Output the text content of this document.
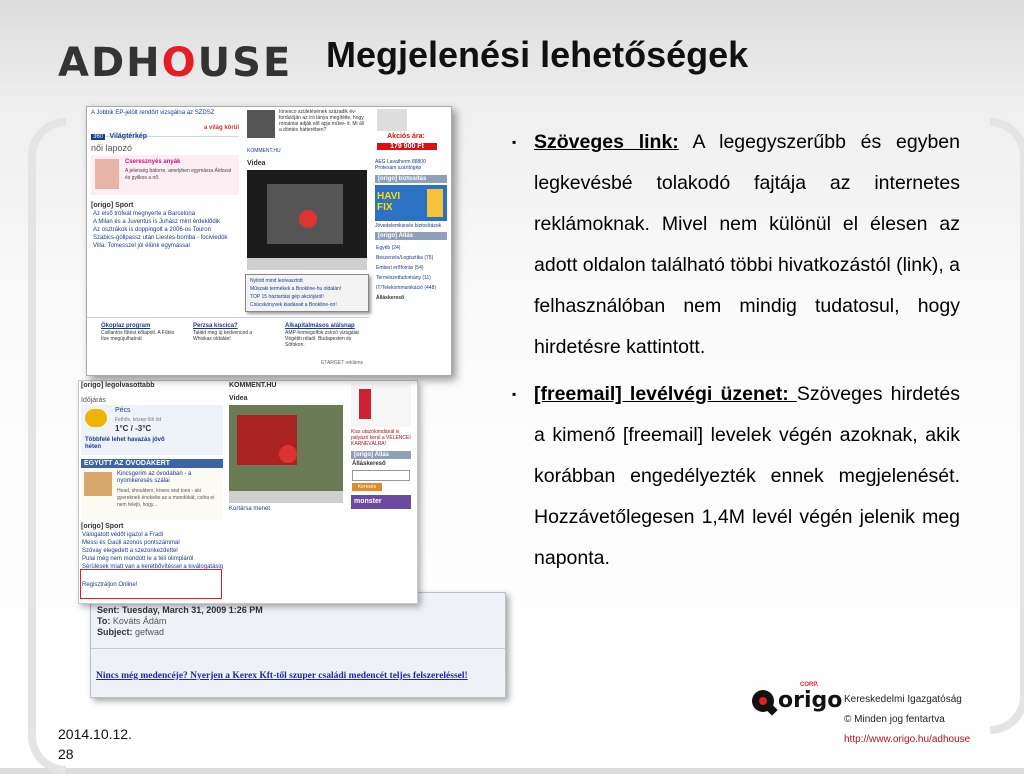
ADHOUSE Megjelenési lehetőségek
Sent: Tuesday, March 31, 2009 1:26 PM
To: Kováts Ádám
Subject: gefwad
Nincs még medencéje? Nyerjen a Kerex Kft-től szuper családi medencét teljes felszereléssel!
[origo] legolvasottabb
Időjárás
Pécs
Felhős, közep 6öl öd
1°C / -3°C
Többfelé lehet havazás jövő héten
EGYÜTT AZ ÓVODÁKERT
Kincsgerim az óvodában - a nyomkeresés szálai
Head, shoulders, knees and toes - aki gyereknek énekelte az a mondókát, csiha ei nem felejti, hogy...
[origo] Sport
Válogatott védőt igazol a Fradi
Messi és Gaúli azonos pontszámmal
Szövay elegedett a szezonkezdettel
Pulai még nem mondott le a téli olimpiáról
Sérülések miatt van a keretbővítéssel a kiválogatásig
Regisztráljon Online!
KOMMENT.HU
Videa
Kortársa menet
Kiss utazókirodánál is pályázó kerül a VELENCEI KARNEVÁLRA!
[origo] Állás
Álláskereső
Keresés
monster
A Jobbik EP-jelölt rendőrt vizsgálna az SZDSZ
360 Világtérkép
a világ körül
női lapozó
Cseresznyés anyák
A jelenség bátorre, amelyben egymásra Áldozat és gyilkos a nő.
[origo] Sport
Az első trófeát megnyerte a Barcelona
A Milan és a Juventus is Juhász mint érdeklődik
Az osztrákok is doppingolt a 2006-os Touron
Szabics-góllpassz után Liestes-bomba - fociviedók
Villa: Tomesszel jól élünk egymással
Ionesco születésének századik év- fordulóján az író lánya megítélte, hogy romániai adják elő apja műve- it. Mi áll a döntés hátterében?
KOMMENT.HU
Videa
Nyitott mind leolvasztott
Műszaki termékek a Bookline-hu oldalán!
TOP 15 háztartási gép akciójáról!
Csúcskönyvek kiadásait a Bookline-on!
Akciós ára:
179 900 Ft
AEG Lavatherm 88800 Protexam szárítógép
[origo] biztosítás
HAVI FIX
Jövedelemkiesés biztosítások
[origo] Állás
Egyéb (24)
Beszerzés/Logisztika (75)
Emberi erőforrás (54)
Természettudomány (11)
IT/Telekommunikáció (448)
Álláskereső
Ökoplaz program
Csillantós fűtést kőlapolt. A Fűtés tíze megújulhatnál
Perzsa kiscica?
Találd meg új kedvenced a Whiskas oldalán!
Alkapitalmásos alálsnap
AMP-homegolfok zsírzó vizsgálat Végétiti rélaól. Budapesten és Sófokon.
ETARGET rekláms

▪ Szöveges link: A legegyszerűbb és egyben legkevésbé tolakodó fajtája az internetes reklámoknak. Mivel nem különül el élesen az adott oldalon található többi hivatkozástól (link), a felhasználóban nem mindig tudatosul, hogy hirdetésre kattintott.

▪ [freemail] levélvégi üzenet: Szöveges hirdetés a kimenő [freemail] levelek végén azoknak, akik korábban engedélyezték ennek megjelenését. Hozzávetőlegesen 1,4M levél végén jelenik meg naponta.

CORP.
origo Kereskedelmi Igazgatóság
© Minden jog fentartva
http://www.origo.hu/adhouse
2014.10.12.
28
